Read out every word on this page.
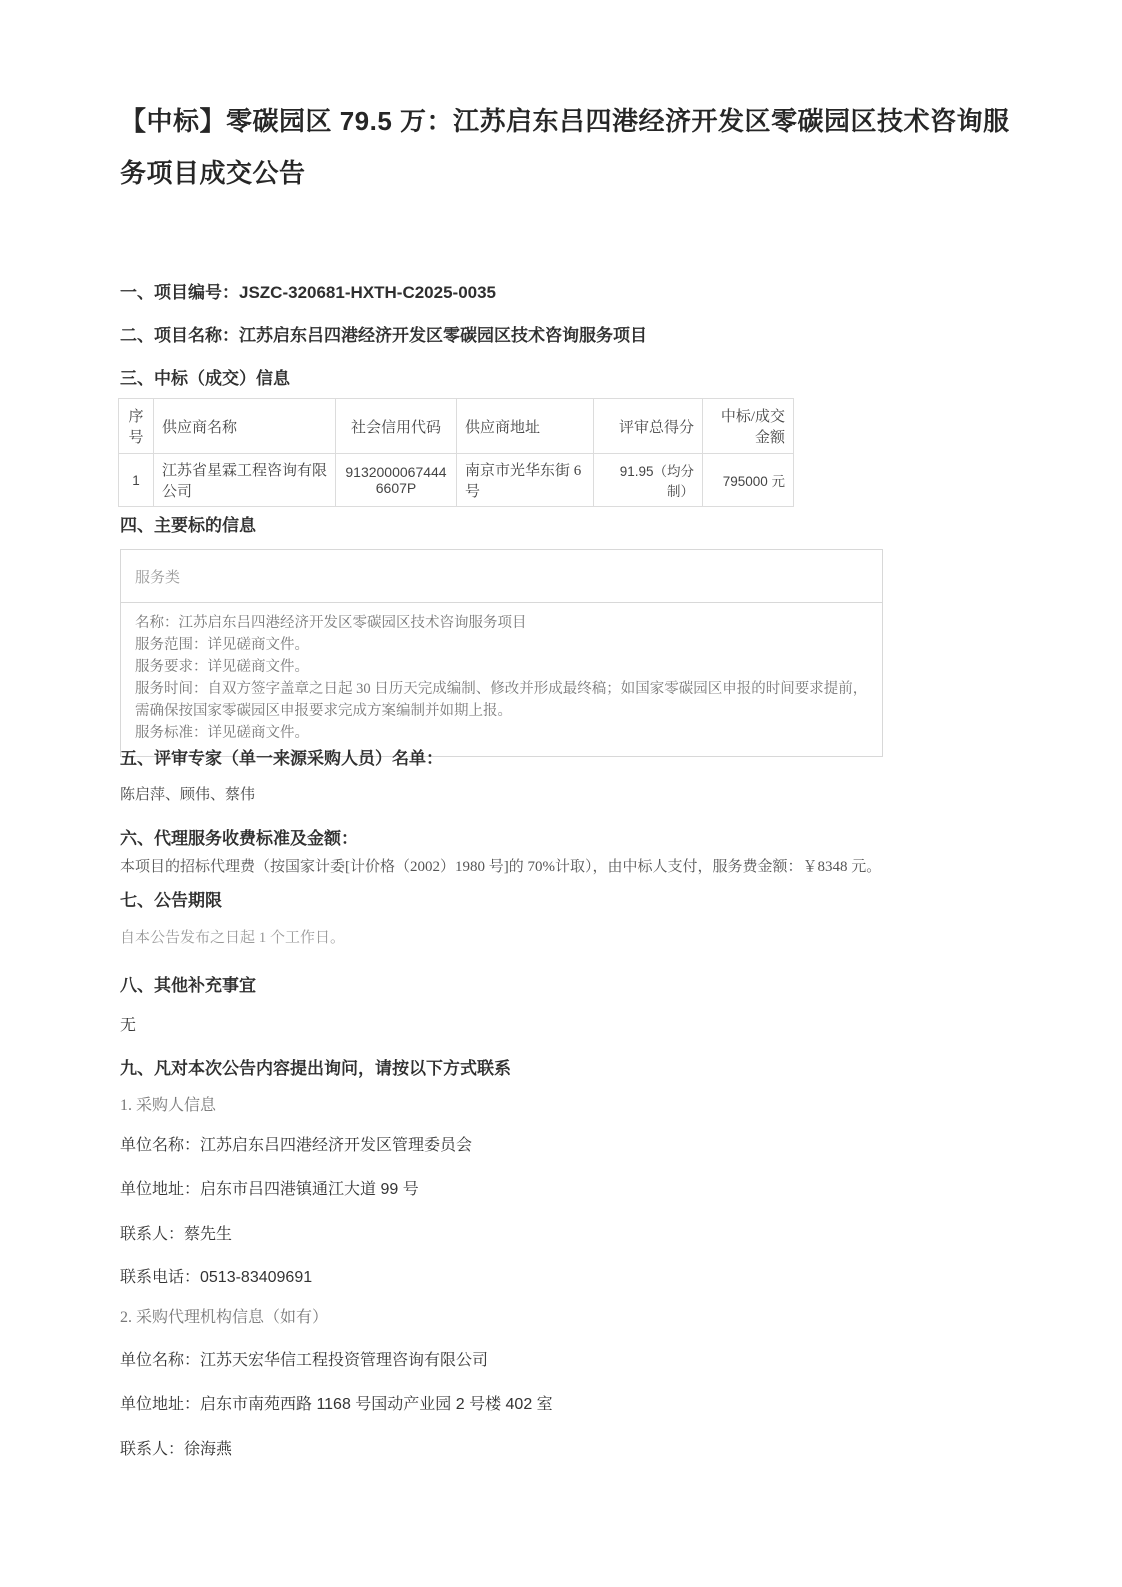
【中标】零碳园区 79.5 万：江苏启东吕四港经济开发区零碳园区技术咨询服务项目成交公告
一、项目编号：JSZC-320681-HXTH-C2025-0035
二、项目名称：江苏启东吕四港经济开发区零碳园区技术咨询服务项目
三、中标（成交）信息
序号	供应商名称	社会信用代码	供应商地址	评审总得分	中标/成交金额
1	江苏省星霖工程咨询有限公司	91320000674446607P	南京市光华东街 6 号	91.95（均分制）	795000 元
四、主要标的信息
服务类
名称：江苏启东吕四港经济开发区零碳园区技术咨询服务项目
服务范围：详见磋商文件。
服务要求：详见磋商文件。
服务时间：自双方签字盖章之日起 30 日历天完成编制、修改并形成最终稿；如国家零碳园区申报的时间要求提前，需确保按国家零碳园区申报要求完成方案编制并如期上报。
服务标准：详见磋商文件。
五、评审专家（单一来源采购人员）名单：
陈启萍、顾伟、蔡伟
六、代理服务收费标准及金额：
本项目的招标代理费（按国家计委[计价格（2002）1980 号]的 70%计取），由中标人支付，服务费金额：￥8348 元。
七、公告期限
自本公告发布之日起 1 个工作日。
八、其他补充事宜
无
九、凡对本次公告内容提出询问，请按以下方式联系
1. 采购人信息
单位名称：江苏启东吕四港经济开发区管理委员会
单位地址：启东市吕四港镇通江大道 99 号
联系人：蔡先生
联系电话：0513-83409691
2. 采购代理机构信息（如有）
单位名称：江苏天宏华信工程投资管理咨询有限公司
单位地址：启东市南苑西路 1168 号国动产业园 2 号楼 402 室
联系人：徐海燕
